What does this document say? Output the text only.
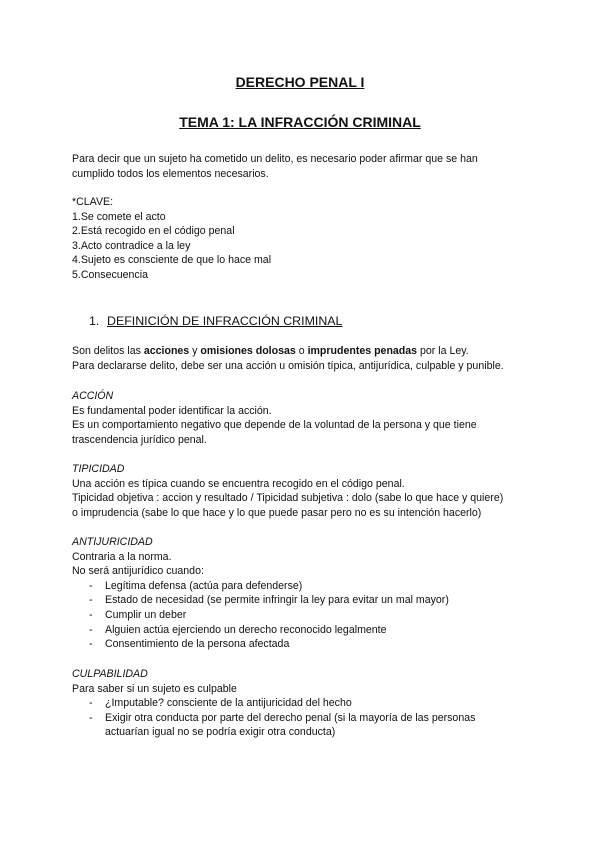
DERECHO PENAL I
TEMA 1: LA INFRACCIÓN CRIMINAL

Para decir que un sujeto ha cometido un delito, es necesario poder afirmar que se han

cumplido todos los elementos necesarios.

*CLAVE:

1.Se comete el acto

2.Está recogido en el código penal

3.Acto contradice a la ley

4.Sujeto es consciente de que lo hace mal

5.Consecuencia

1. DEFINICIÓN DE INFRACCIÓN CRIMINAL

Son delitos las acciones y omisiones dolosas o imprudentes penadas por la Ley.

Para declararse delito, debe ser una acción u omisión típica, antijurídica, culpable y punible.

ACCIÓN

Es fundamental poder identificar la acción.

Es un comportamiento negativo que depende de la voluntad de la persona y que tiene

trascendencia jurídico penal.

TIPICIDAD

Una acción es típica cuando se encuentra recogido en el código penal.

Tipicidad objetiva : accion y resultado / Tipicidad subjetiva : dolo (sabe lo que hace y quiere)

o imprudencia (sabe lo que hace y lo que puede pasar pero no es su intención hacerlo)

ANTIJURICIDAD

Contraria a la norma.

No será antijurídico cuando:

- Legítima defensa (actúa para defenderse)
- Estado de necesidad (se permite infringir la ley para evitar un mal mayor)
- Cumplir un deber
- Alguien actúa ejerciendo un derecho reconocido legalmente
- Consentimiento de la persona afectada

CULPABILIDAD

Para saber si un sujeto es culpable

- ¿Imputable? consciente de la antijuricidad del hecho
- Exigir otra conducta por parte del derecho penal (si la mayoría de las personas actuarían igual no se podría exigir otra conducta)
